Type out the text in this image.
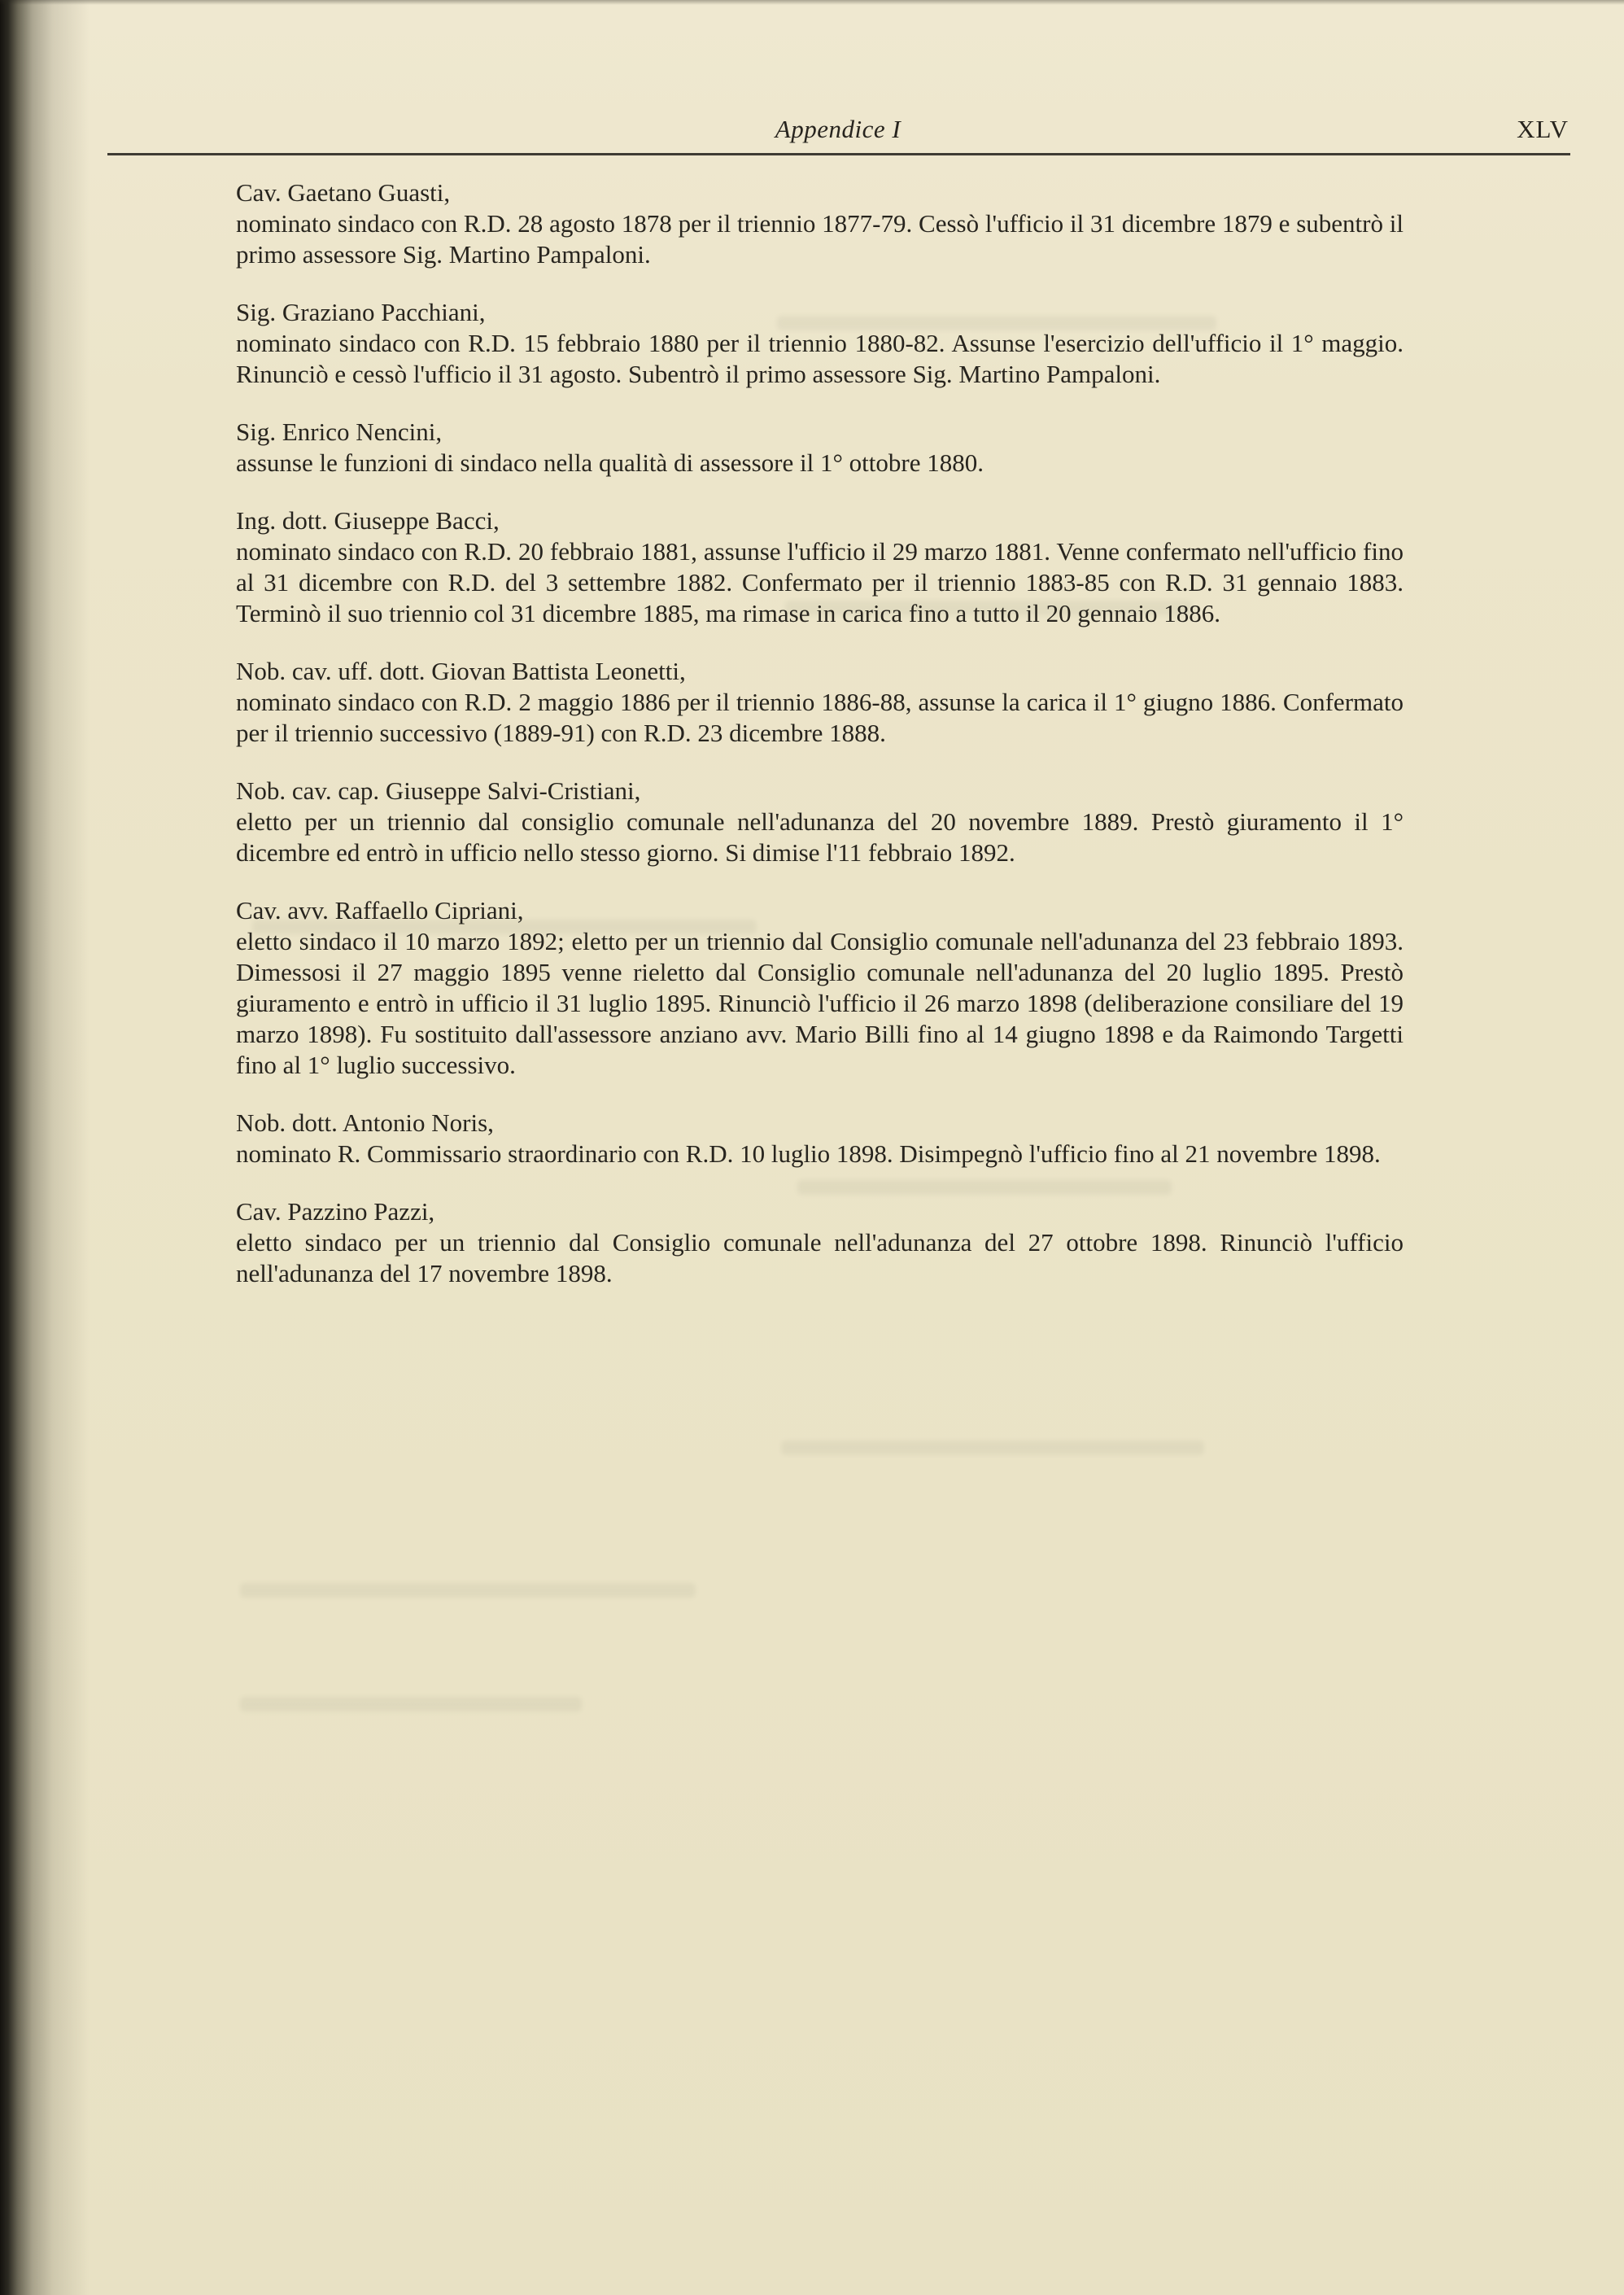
Appendice I	XLV
Cav. Gaetano Guasti,
nominato sindaco con R.D. 28 agosto 1878 per il triennio 1877-79. Cessò l'ufficio il 31 dicembre 1879 e subentrò il primo assessore Sig. Martino Pampaloni.
Sig. Graziano Pacchiani,
nominato sindaco con R.D. 15 febbraio 1880 per il triennio 1880-82. Assunse l'esercizio dell'ufficio il 1° maggio. Rinunciò e cessò l'ufficio il 31 agosto. Subentrò il primo assessore Sig. Martino Pampaloni.
Sig. Enrico Nencini,
assunse le funzioni di sindaco nella qualità di assessore il 1° ottobre 1880.
Ing. dott. Giuseppe Bacci,
nominato sindaco con R.D. 20 febbraio 1881, assunse l'ufficio il 29 marzo 1881. Venne confermato nell'ufficio fino al 31 dicembre con R.D. del 3 settembre 1882. Confermato per il triennio 1883-85 con R.D. 31 gennaio 1883. Terminò il suo triennio col 31 dicembre 1885, ma rimase in carica fino a tutto il 20 gennaio 1886.
Nob. cav. uff. dott. Giovan Battista Leonetti,
nominato sindaco con R.D. 2 maggio 1886 per il triennio 1886-88, assunse la carica il 1° giugno 1886. Confermato per il triennio successivo (1889-91) con R.D. 23 dicembre 1888.
Nob. cav. cap. Giuseppe Salvi-Cristiani,
eletto per un triennio dal consiglio comunale nell'adunanza del 20 novembre 1889. Prestò giuramento il 1° dicembre ed entrò in ufficio nello stesso giorno. Si dimise l'11 febbraio 1892.
Cav. avv. Raffaello Cipriani,
eletto sindaco il 10 marzo 1892; eletto per un triennio dal Consiglio comunale nell'adunanza del 23 febbraio 1893. Dimessosi il 27 maggio 1895 venne rieletto dal Consiglio comunale nell'adunanza del 20 luglio 1895. Prestò giuramento e entrò in ufficio il 31 luglio 1895. Rinunciò l'ufficio il 26 marzo 1898 (deliberazione consiliare del 19 marzo 1898). Fu sostituito dall'assessore anziano avv. Mario Billi fino al 14 giugno 1898 e da Raimondo Targetti fino al 1° luglio successivo.
Nob. dott. Antonio Noris,
nominato R. Commissario straordinario con R.D. 10 luglio 1898. Disimpegnò l'ufficio fino al 21 novembre 1898.
Cav. Pazzino Pazzi,
eletto sindaco per un triennio dal Consiglio comunale nell'adunanza del 27 ottobre 1898. Rinunciò l'ufficio nell'adunanza del 17 novembre 1898.
